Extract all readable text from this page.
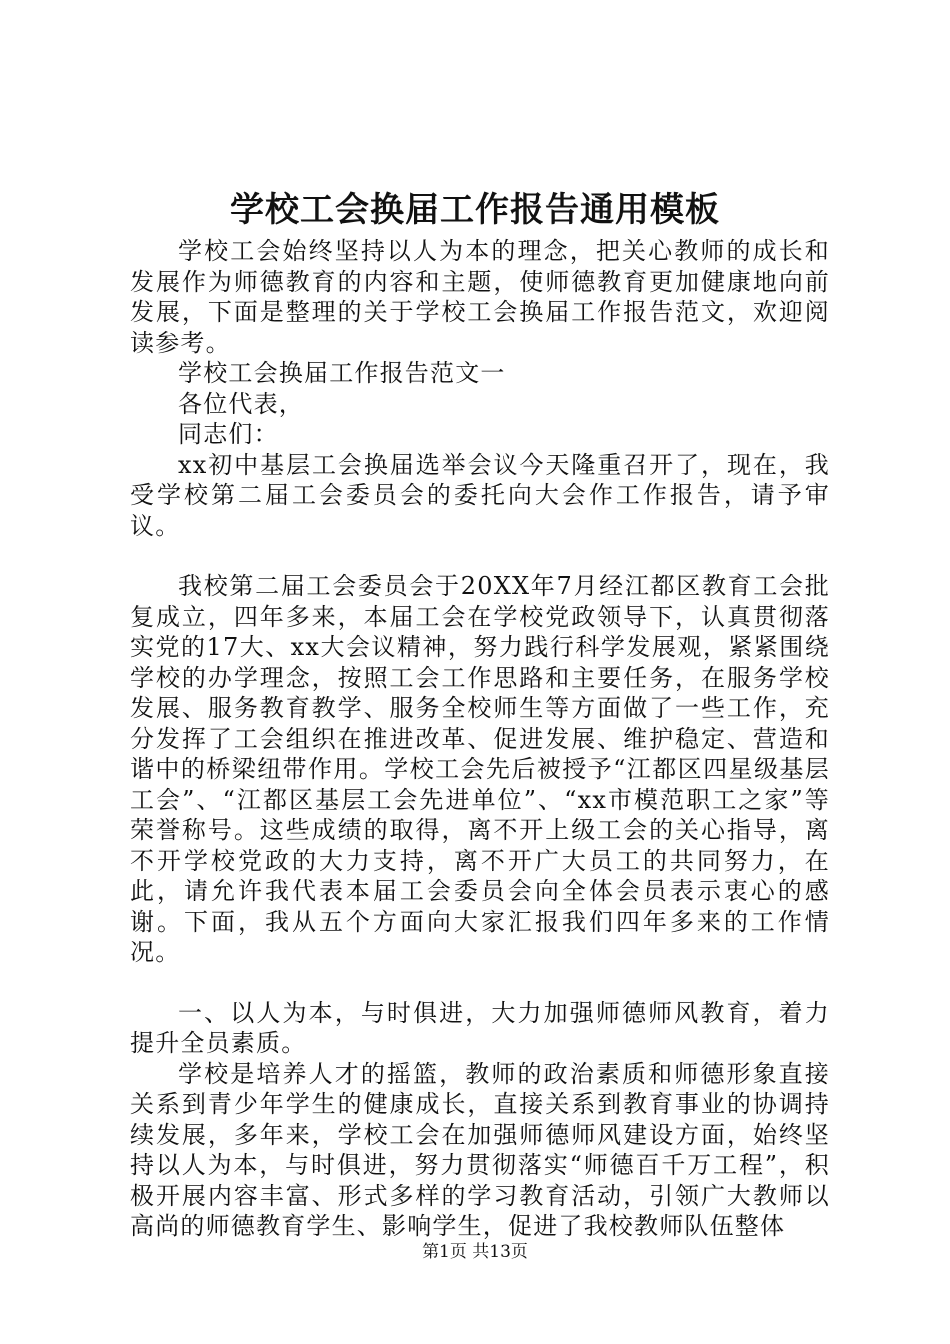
学校工会换届工作报告通用模板

学校工会始终坚持以人为本的理念，把关心教师的成长和发展作为师德教育的内容和主题，使师德教育更加健康地向前发展，下面是整理的关于学校工会换届工作报告范文，欢迎阅读参考。

学校工会换届工作报告范文一

各位代表，

同志们：

xx初中基层工会换届选举会议今天隆重召开了，现在，我受学校第二届工会委员会的委托向大会作工作报告，请予审议。

我校第二届工会委员会于20XX年7月经江都区教育工会批复成立，四年多来，本届工会在学校党政领导下，认真贯彻落实党的17大、xx大会议精神，努力践行科学发展观，紧紧围绕学校的办学理念，按照工会工作思路和主要任务，在服务学校发展、服务教育教学、服务全校师生等方面做了一些工作，充分发挥了工会组织在推进改革、促进发展、维护稳定、营造和谐中的桥梁纽带作用。学校工会先后被授予“江都区四星级基层工会”、“江都区基层工会先进单位”、“xx市模范职工之家”等荣誉称号。这些成绩的取得，离不开上级工会的关心指导，离不开学校党政的大力支持，离不开广大员工的共同努力，在此，请允许我代表本届工会委员会向全体会员表示衷心的感谢。下面，我从五个方面向大家汇报我们四年多来的工作情况。

一、以人为本，与时俱进，大力加强师德师风教育，着力提升全员素质。

学校是培养人才的摇篮，教师的政治素质和师德形象直接关系到青少年学生的健康成长，直接关系到教育事业的协调持续发展，多年来，学校工会在加强师德师风建设方面，始终坚持以人为本，与时俱进，努力贯彻落实“师德百千万工程”，积极开展内容丰富、形式多样的学习教育活动，引领广大教师以高尚的师德教育学生、影响学生，促进了我校教师队伍整体

第1页 共13页
